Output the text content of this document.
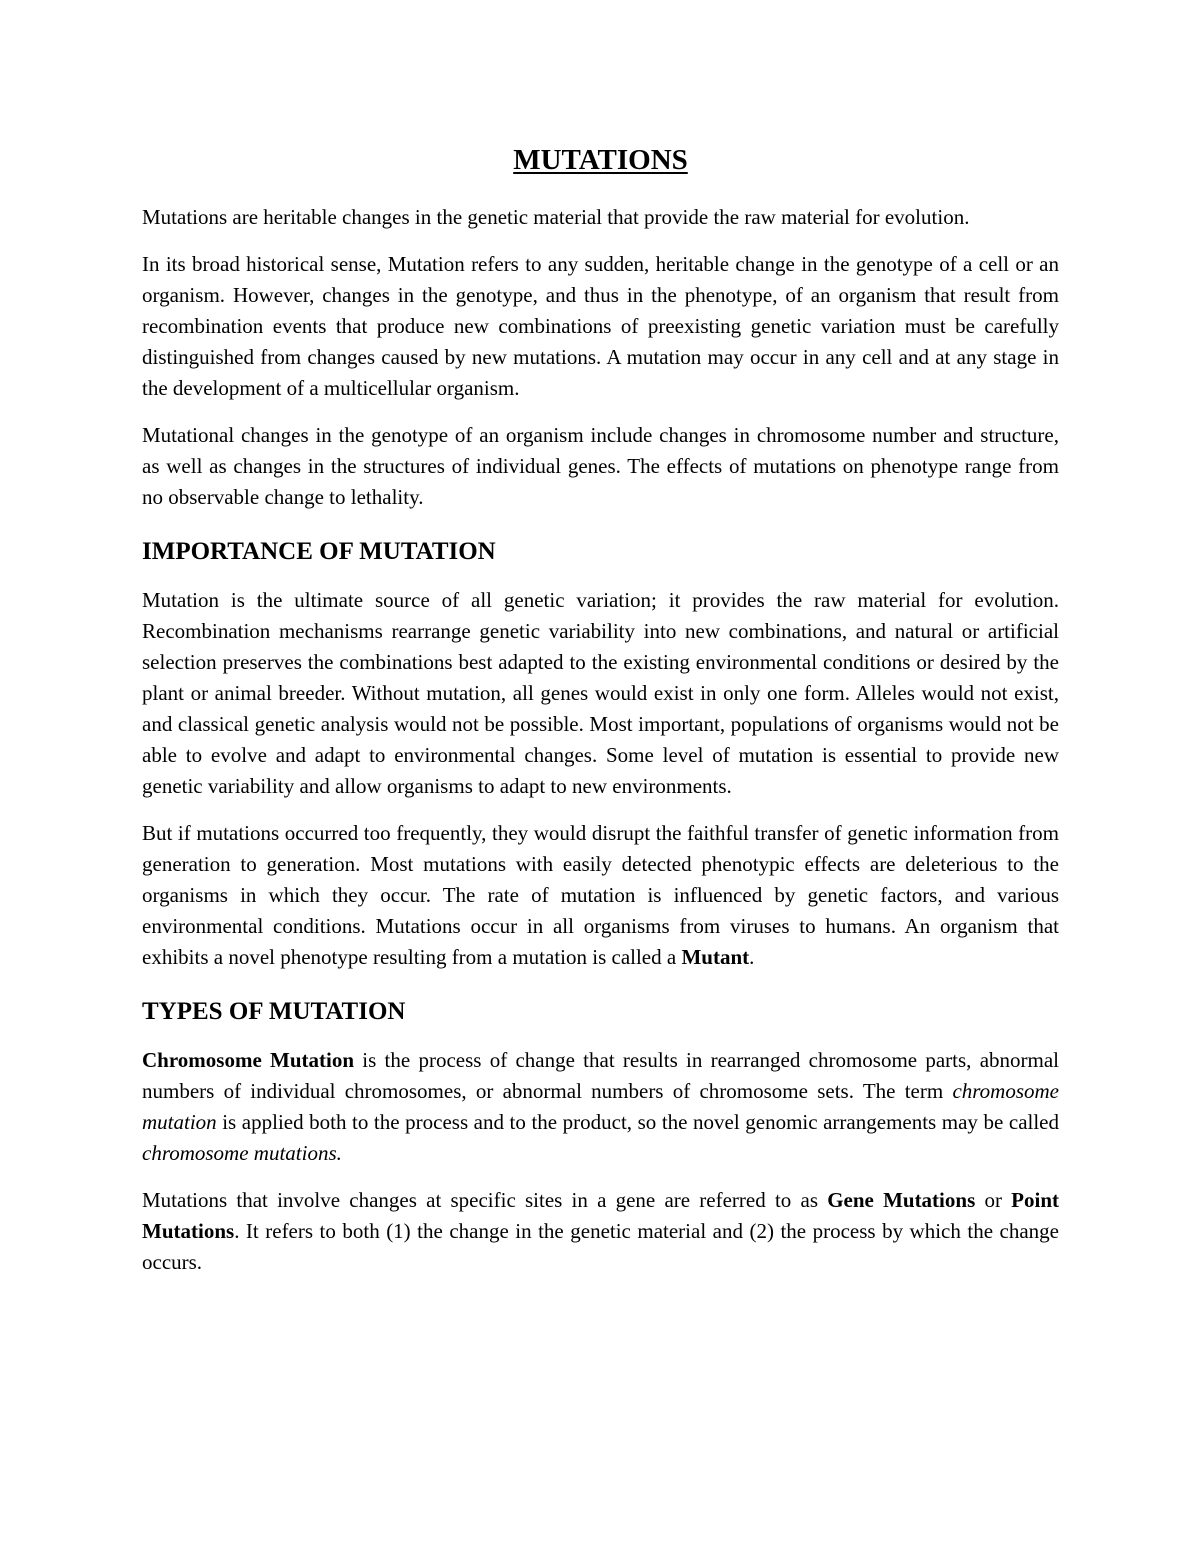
MUTATIONS

Mutations are heritable changes in the genetic material that provide the raw material for evolution.

In its broad historical sense, Mutation refers to any sudden, heritable change in the genotype of a cell or an organism. However, changes in the genotype, and thus in the phenotype, of an organism that result from recombination events that produce new combinations of preexisting genetic variation must be carefully distinguished from changes caused by new mutations. A mutation may occur in any cell and at any stage in the development of a multicellular organism.

Mutational changes in the genotype of an organism include changes in chromosome number and structure, as well as changes in the structures of individual genes. The effects of mutations on phenotype range from no observable change to lethality.

IMPORTANCE OF MUTATION

Mutation is the ultimate source of all genetic variation; it provides the raw material for evolution. Recombination mechanisms rearrange genetic variability into new combinations, and natural or artificial selection preserves the combinations best adapted to the existing environmental conditions or desired by the plant or animal breeder. Without mutation, all genes would exist in only one form. Alleles would not exist, and classical genetic analysis would not be possible. Most important, populations of organisms would not be able to evolve and adapt to environmental changes. Some level of mutation is essential to provide new genetic variability and allow organisms to adapt to new environments.

But if mutations occurred too frequently, they would disrupt the faithful transfer of genetic information from generation to generation. Most mutations with easily detected phenotypic effects are deleterious to the organisms in which they occur. The rate of mutation is influenced by genetic factors, and various environmental conditions. Mutations occur in all organisms from viruses to humans. An organism that exhibits a novel phenotype resulting from a mutation is called a Mutant.

TYPES OF MUTATION

Chromosome Mutation is the process of change that results in rearranged chromosome parts, abnormal numbers of individual chromosomes, or abnormal numbers of chromosome sets. The term chromosome mutation is applied both to the process and to the product, so the novel genomic arrangements may be called chromosome mutations.

Mutations that involve changes at specific sites in a gene are referred to as Gene Mutations or Point Mutations. It refers to both (1) the change in the genetic material and (2) the process by which the change occurs.
